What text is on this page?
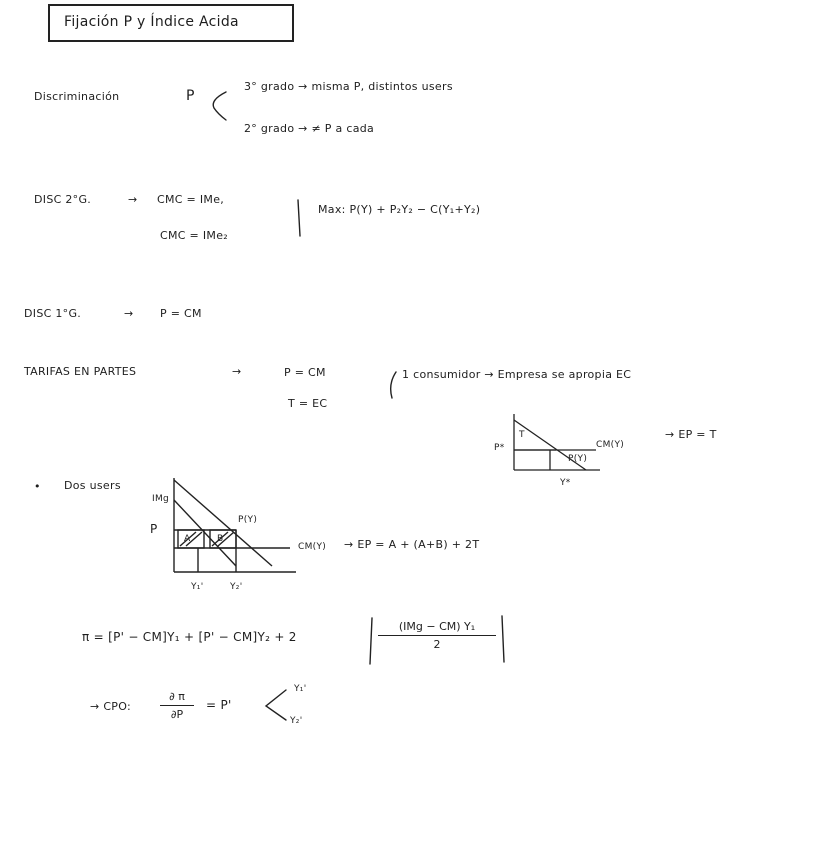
Fijación P y Índice Acida
Discriminación	P
3° grado → misma P, distintos users
2° grado → ≠ P a cada
DISC 2°G.	→ CMC = IMe,
CMC = IMe₂
Max: P(Y) + P₂Y₂ − C(Y₁+Y₂)
DISC 1°G.	→ P = CM
TARIFAS EN PARTES	→	P = CM
T = EC
1 consumidor → Empresa se apropia EC
T
P*	CM(Y)
P(Y)
Y*
→ EP = T
• Dos users
IMg
P
A	B
P(Y)
CM(Y)
Y₁'	Y₂'
→ EP = A + (A+B) + 2T
π = [P' − CM]Y₁ + [P' − CM]Y₂ + 2
(IMg − CM) Y₁
2
→ CPO:
∂ π
∂P
= P'
Y₁'
Y₂'
